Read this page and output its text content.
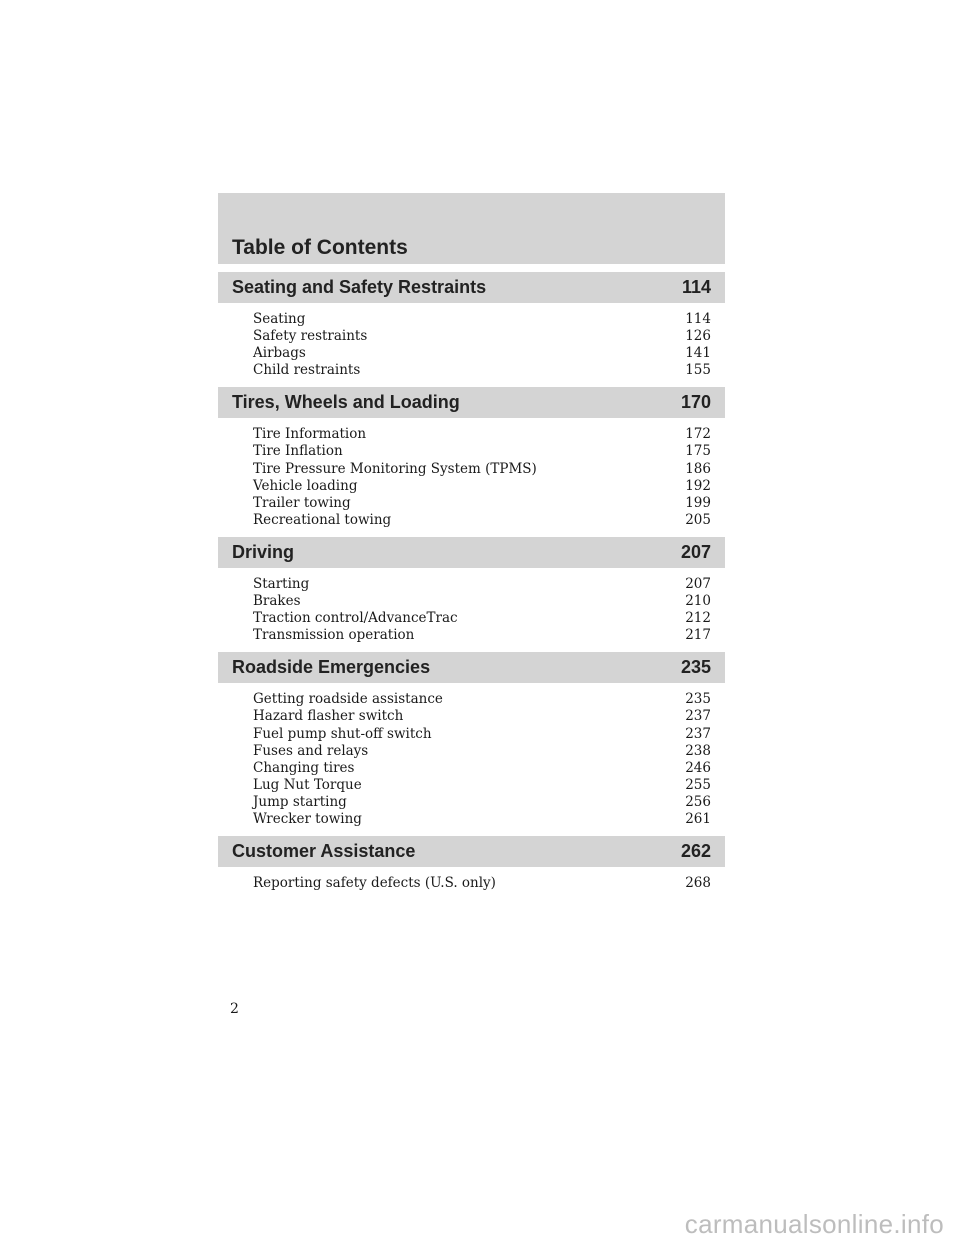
Table of Contents
Seating and Safety Restraints	114
Seating	114
Safety restraints	126
Airbags	141
Child restraints	155
Tires, Wheels and Loading	170
Tire Information	172
Tire Inflation	175
Tire Pressure Monitoring System (TPMS)	186
Vehicle loading	192
Trailer towing	199
Recreational towing	205
Driving	207
Starting	207
Brakes	210
Traction control/AdvanceTrac	212
Transmission operation	217
Roadside Emergencies	235
Getting roadside assistance	235
Hazard flasher switch	237
Fuel pump shut-off switch	237
Fuses and relays	238
Changing tires	246
Lug Nut Torque	255
Jump starting	256
Wrecker towing	261
Customer Assistance	262
Reporting safety defects (U.S. only)	268
2
carmanualsonline.info
